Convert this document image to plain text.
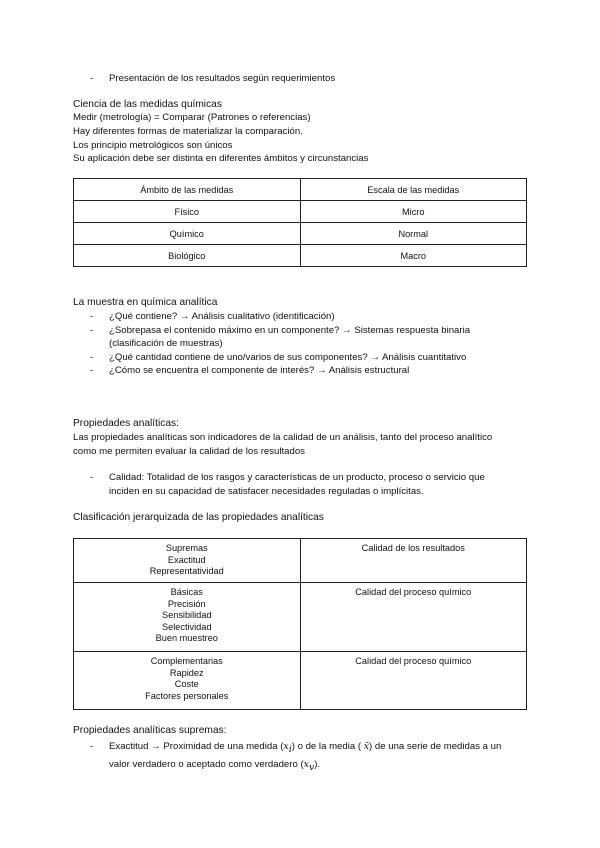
- Presentación de los resultados según requerimientos
Ciencia de las medidas químicas
Medir (metrología) = Comparar (Patrones o referencias)
Hay diferentes formas de materializar la comparación.
Los principio metrológicos son únicos
Su aplicación debe ser distinta en diferentes ámbitos y circunstancias
Ámbito de las medidas	Escala de las medidas
Físico	Micro
Químico	Normal
Biológico	Macro
La muestra en química analítica
- ¿Qué contiene? → Análisis cualitativo (identificación)
- ¿Sobrepasa el contenido máximo en un componente? → Sistemas respuesta binaria
(clasificación de muestras)
- ¿Qué cantidad contiene de uno/varios de sus componentes? → Análisis cuantitativo
- ¿Cómo se encuentra el componente de interés? → Análisis estructural
Propiedades analíticas:
Las propiedades analíticas son indicadores de la calidad de un análisis, tanto del proceso analítico
como me permiten evaluar la calidad de los resultados
- Calidad: Totalidad de los rasgos y características de un producto, proceso o servicio que
inciden en su capacidad de satisfacer necesidades reguladas o implícitas.
Clasificación jerarquizada de las propiedades analíticas
Supremas
Exactitud
Representatividad	Calidad de los resultados

Básicas
Precisión
Sensibilidad
Selectividad
Buen muestreo	Calidad del proceso químico

Complementarias
Rapidez
Coste
Factores personales	Calidad del proceso químico
Propiedades analíticas supremas:
- Exactitud → Proximidad de una medida $(x_i)$ o de la media ( x̄) de una serie de medidas a un
valor verdadero o aceptado como verdadero $(x_v)$.
